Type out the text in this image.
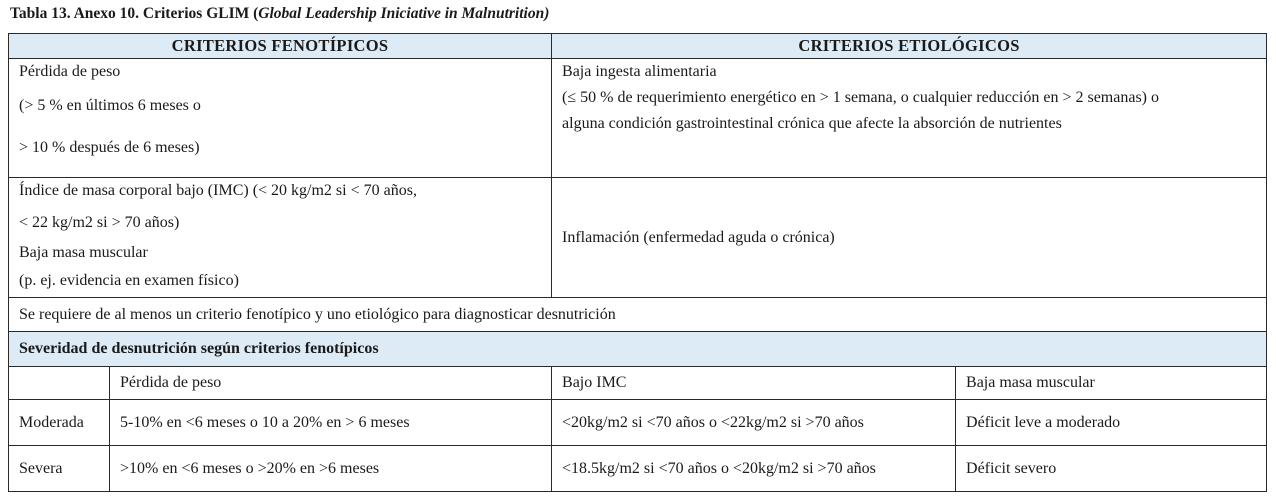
Tabla 13. Anexo 10. Criterios GLIM (Global Leadership Iniciative in Malnutrition)
CRITERIOS FENOTÍPICOS		CRITERIOS ETIOLÓGICOS	

Pérdida de peso
(> 5 % en últimos 6 meses o
> 10 % después de 6 meses)		Baja ingesta alimentaria
(≤ 50 % de requerimiento energético en > 1 semana, o cualquier reducción en > 2 semanas) o
alguna condición gastrointestinal crónica que afecte la absorción de nutrientes	

Índice de masa corporal bajo (IMC) (< 20 kg/m2 si < 70 años,
< 22 kg/m2 si > 70 años)
Baja masa muscular
(p. ej. evidencia en examen físico)		Inflamación (enfermedad aguda o crónica)	

Se requiere de al menos un criterio fenotípico y uno etiológico para diagnosticar desnutrición			
Severidad de desnutrición según criterios fenotípicos			
	Pérdida de peso	Bajo IMC	Baja masa muscular
Moderada	5-10% en <6 meses o 10 a 20% en > 6 meses	<20kg/m2 si <70 años o <22kg/m2 si >70 años	Déficit leve a moderado
Severa	>10% en <6 meses o >20% en >6 meses	<18.5kg/m2 si <70 años o <20kg/m2 si >70 años	Déficit severo
